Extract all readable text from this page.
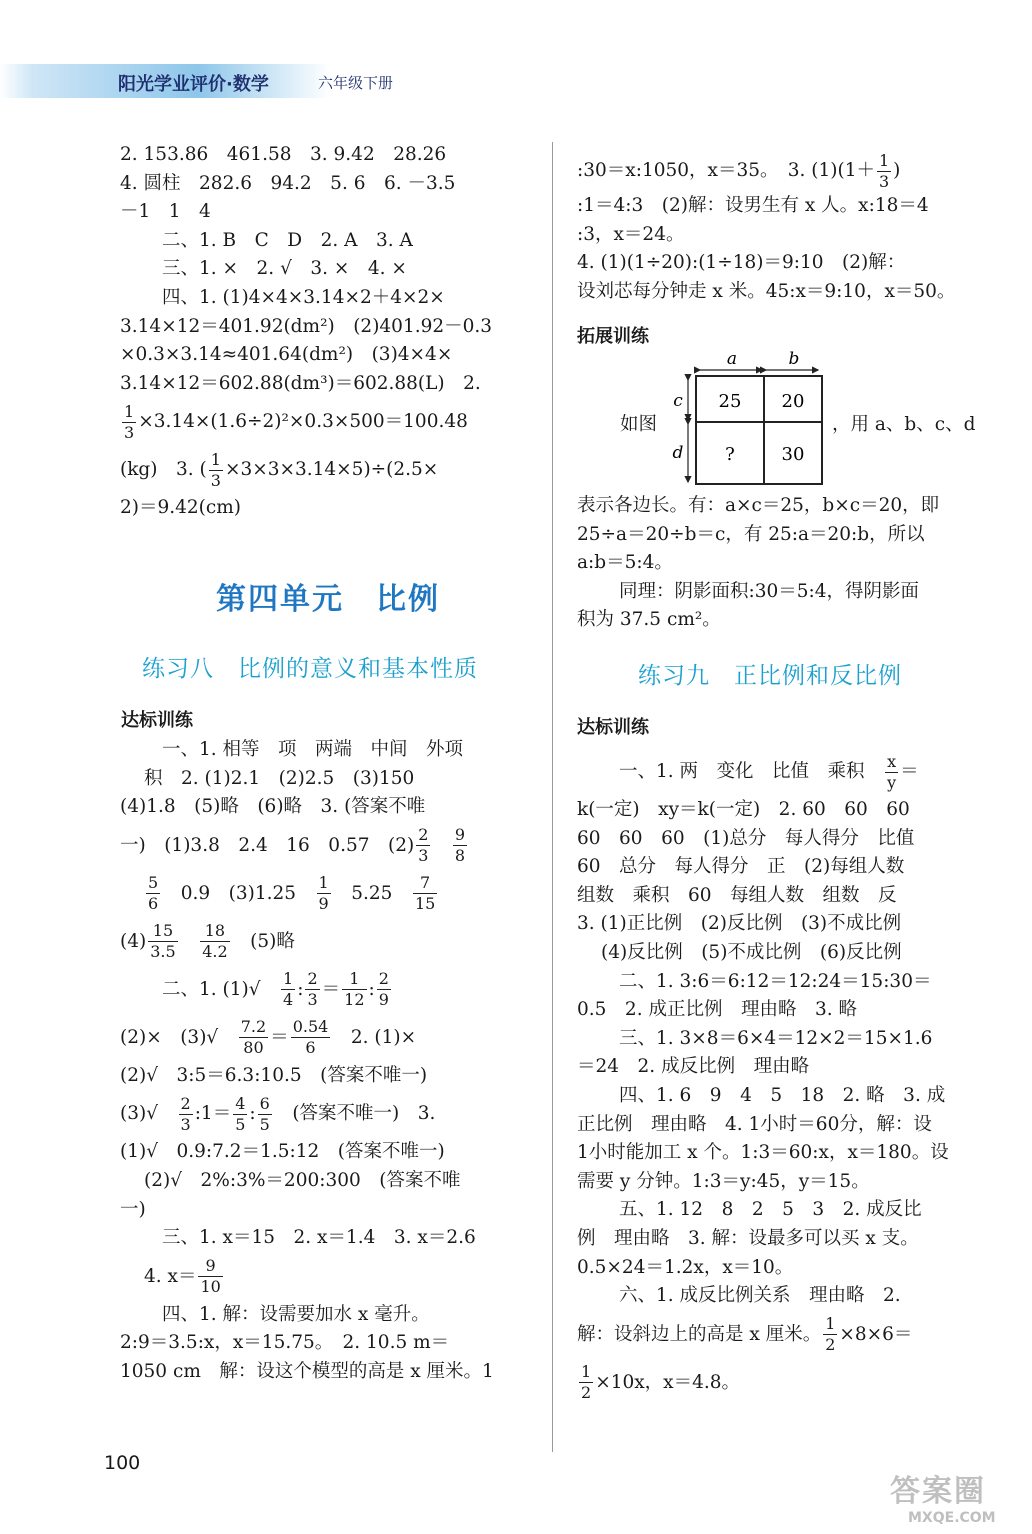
阳光学业评价·数学	六年级下册
2. 153.86　461.58　3. 9.42　28.26
4. 圆柱　282.6　94.2　5. 6　6. －3.5
－1　1　4
二、1. B　C　D　2. A　3. A
三、1. ×　2. √　3. ×　4. ×
四、1. (1)4×4×3.14×2＋4×2×
3.14×12＝401.92(dm²)　(2)401.92－0.3
×0.3×3.14≈401.64(dm²)　(3)4×4×
3.14×12＝602.88(dm³)＝602.88(L)　2.
$\frac{1}{3} \times 3.14\times(1.6\div 2)^2\times 0.3\times 500=100.48$
(kg)　3. ( $\frac{1}{3} \times 3\times 3\times 3.14\times 5)\div(2.5\times$
2)＝9.42(cm)
第四单元　比例
练习八　比例的意义和基本性质
达标训练
一、1. 相等　项　两端　中间　外项
积　2. (1)2.1　(2)2.5　(3)150
(4)1.8　(5)略　(6)略　3. (答案不唯
一)　(1)3.8　2.4　16　0.57　$(2) \frac{2}{3}$
　 $\frac{9}{8}$
$\frac{5}{6}$
　 0.9　(3)1.25　 $\frac{1}{9}$
　 5.25　 $\frac{7}{15}$
$(4) \frac{15}{3.5}$
　 $\frac{18}{4.2}$
　 (5)略
二、1. (1)√　 $\frac{1}{4}$ : $\frac{2}{3} = \frac{1}{12}$ : $\frac{2}{9}$
(2)×　(3)√　 $\frac{7.2}{80} = \frac{0.54}{6}$
　 2. (1)×
(2)√　3:5＝6.3:10.5　(答案不唯一)
(3)√　 $\frac{2}{3}$ :1＝ $\frac{4}{5}$ : $\frac{6}{5}$
　 (答案不唯一)　3.
(1)√　0.9:7.2＝1.5:12　(答案不唯一)
(2)√　2%:3%＝200:300　(答案不唯
一)
三、1. x＝15　2. x＝1.4　3. x＝2.6
4. $x= \frac{9}{10}$
四、1. 解：设需要加水 x 毫升。
2:9＝3.5:x，x＝15.75。　2. 10.5 m＝
1050 cm　解：设这个模型的高是 x 厘米。1
:30＝x:1050，x＝35。　3. $(1)(1+ \frac{1}{3}$ )
:1＝4:3　(2)解：设男生有 x 人。x:18＝4
:3，x＝24。
4. (1)(1÷20):(1÷18)＝9:10　(2)解：
设刘芯每分钟走 x 米。45:x＝9:10，x＝50。
拓展训练
如图	，用 a、b、c、d
a	b
c
d
25 20
?	30
表示各边长。有：a×c＝25，b×c＝20，即
25÷a＝20÷b＝c，有 25:a＝20:b，所以
a:b＝5:4。
同理：阴影面积:30＝5:4，得阴影面
积为 37.5 cm²。
练习九　正比例和反比例
达标训练
一、1. 两　变化　比值　乘积　 $\frac{x}{y}$ ＝
k(一定)　xy＝k(一定)　2. 60　60　60
60　60　60　(1)总分　每人得分　比值
60　总分　每人得分　正　(2)每组人数
组数　乘积　60　每组人数　组数　反
3. (1)正比例　(2)反比例　(3)不成比例
(4)反比例　(5)不成比例　(6)反比例
二、1. 3:6＝6:12＝12:24＝15:30＝
0.5　2. 成正比例　理由略　3. 略
三、1. 3×8＝6×4＝12×2＝15×1.6
＝24　2. 成反比例　理由略
四、1. 6　9　4　5　18　2. 略　3. 成
正比例　理由略　4. 1小时＝60分，解：设
1小时能加工 x 个。1:3＝60:x，x＝180。设
需要 y 分钟。1:3＝y:45，y＝15。
五、1. 12　8　2　5　3　2. 成反比
例　理由略　3. 解：设最多可以买 x 支。
0.5×24＝1.2x，x＝10。
六、1. 成反比例关系　理由略　2.
解：设斜边上的高是 x 厘米。 $\frac{1}{2} \times 8\times 6=$
$\frac{1}{2} \times 10x$，x＝4.8。
100
答案圈
MXQE.COM
